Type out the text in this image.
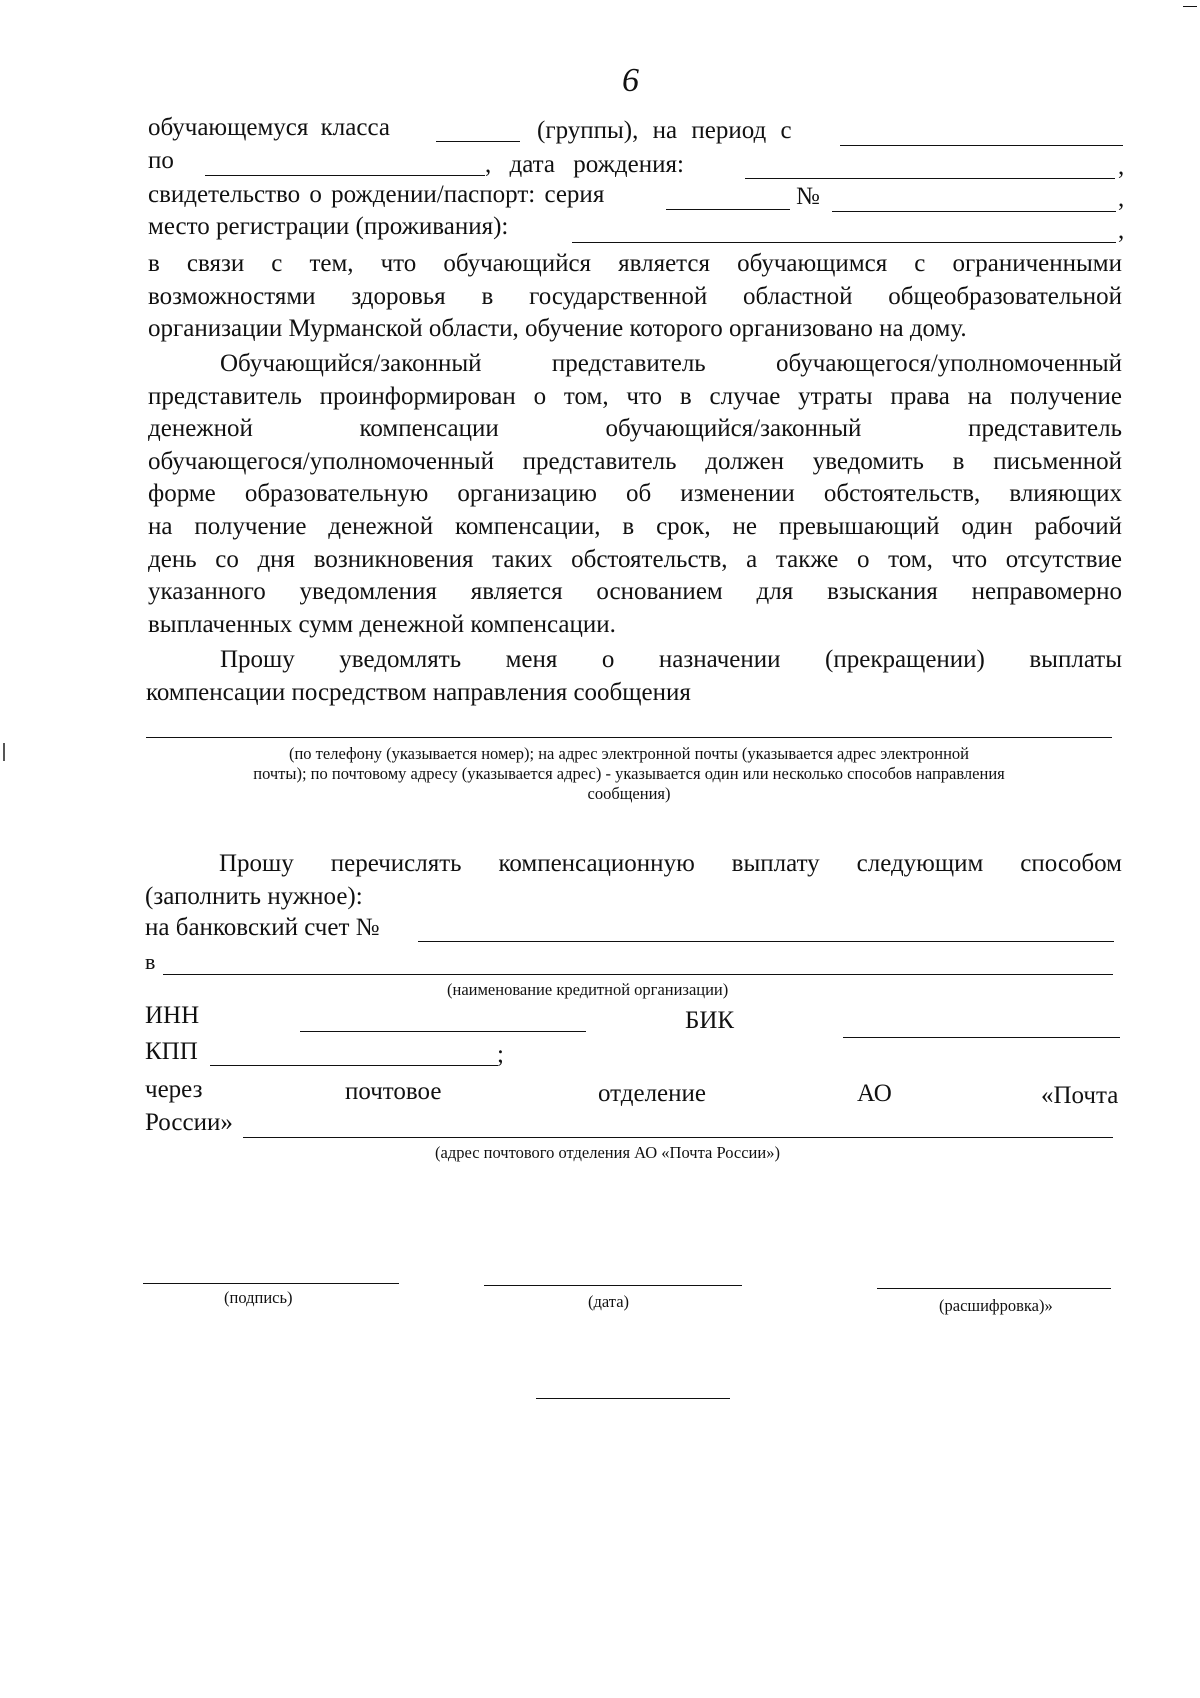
6
обучающемуся класса	(группы), на период с
по	, дата рождения:	,
свидетельство о рождении/паспорт: серия	№	,
место регистрации (проживания):	,
в связи с тем, что обучающийся является обучающимся с ограниченными
возможностями здоровья в государственной областной общеобразовательной
организации Мурманской области, обучение которого организовано на дому.
Обучающийся/законный представитель обучающегося/уполномоченный
представитель проинформирован о том, что в случае утраты права на получение
денежной компенсации обучающийся/законный представитель
обучающегося/уполномоченный представитель должен уведомить в письменной
форме образовательную организацию об изменении обстоятельств, влияющих
на получение денежной компенсации, в срок, не превышающий один рабочий
день со дня возникновения таких обстоятельств, а также о том, что отсутствие
указанного уведомления является основанием для взыскания неправомерно
выплаченных сумм денежной компенсации.
Прошу уведомлять меня о назначении (прекращении) выплаты
компенсации посредством направления сообщения
(по телефону (указывается номер); на адрес электронной почты (указывается адрес электронной
почты); по почтовому адресу (указывается адрес) - указывается один или несколько способов направления
сообщения)
Прошу перечислять компенсационную выплату следующим способом
(заполнить нужное):
на банковский счет №
в
(наименование кредитной организации)
ИНН	БИК
КПП	;
через	почтовое	отделение	АО	«Почта
России»
(адрес почтового отделения АО «Почта России»)
(подпись)	(дата)	(расшифровка)»
